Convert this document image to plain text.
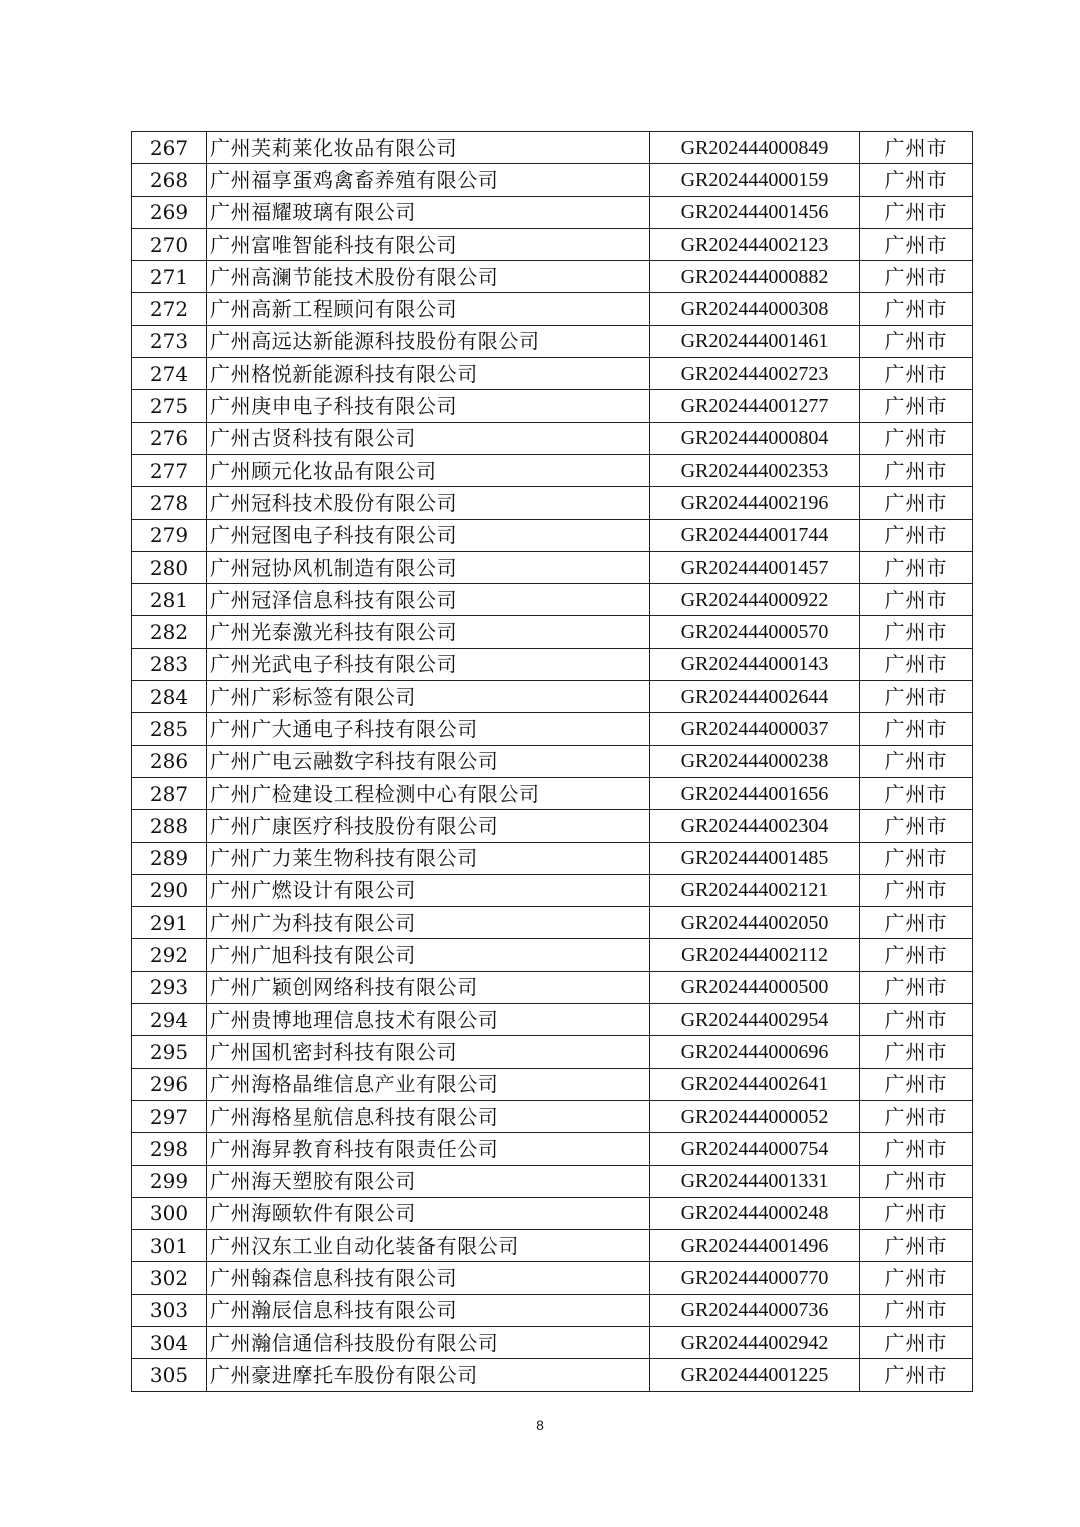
267	广州芙莉莱化妆品有限公司	GR202444000849	广州市
268	广州福享蛋鸡禽畜养殖有限公司	GR202444000159	广州市
269	广州福耀玻璃有限公司	GR202444001456	广州市
270	广州富唯智能科技有限公司	GR202444002123	广州市
271	广州高澜节能技术股份有限公司	GR202444000882	广州市
272	广州高新工程顾问有限公司	GR202444000308	广州市
273	广州高远达新能源科技股份有限公司	GR202444001461	广州市
274	广州格悦新能源科技有限公司	GR202444002723	广州市
275	广州庚申电子科技有限公司	GR202444001277	广州市
276	广州古贤科技有限公司	GR202444000804	广州市
277	广州顾元化妆品有限公司	GR202444002353	广州市
278	广州冠科技术股份有限公司	GR202444002196	广州市
279	广州冠图电子科技有限公司	GR202444001744	广州市
280	广州冠协风机制造有限公司	GR202444001457	广州市
281	广州冠泽信息科技有限公司	GR202444000922	广州市
282	广州光泰激光科技有限公司	GR202444000570	广州市
283	广州光武电子科技有限公司	GR202444000143	广州市
284	广州广彩标签有限公司	GR202444002644	广州市
285	广州广大通电子科技有限公司	GR202444000037	广州市
286	广州广电云融数字科技有限公司	GR202444000238	广州市
287	广州广检建设工程检测中心有限公司	GR202444001656	广州市
288	广州广康医疗科技股份有限公司	GR202444002304	广州市
289	广州广力莱生物科技有限公司	GR202444001485	广州市
290	广州广燃设计有限公司	GR202444002121	广州市
291	广州广为科技有限公司	GR202444002050	广州市
292	广州广旭科技有限公司	GR202444002112	广州市
293	广州广颖创网络科技有限公司	GR202444000500	广州市
294	广州贵博地理信息技术有限公司	GR202444002954	广州市
295	广州国机密封科技有限公司	GR202444000696	广州市
296	广州海格晶维信息产业有限公司	GR202444002641	广州市
297	广州海格星航信息科技有限公司	GR202444000052	广州市
298	广州海昇教育科技有限责任公司	GR202444000754	广州市
299	广州海天塑胶有限公司	GR202444001331	广州市
300	广州海颐软件有限公司	GR202444000248	广州市
301	广州汉东工业自动化装备有限公司	GR202444001496	广州市
302	广州翰森信息科技有限公司	GR202444000770	广州市
303	广州瀚辰信息科技有限公司	GR202444000736	广州市
304	广州瀚信通信科技股份有限公司	GR202444002942	广州市
305	广州豪进摩托车股份有限公司	GR202444001225	广州市
8
